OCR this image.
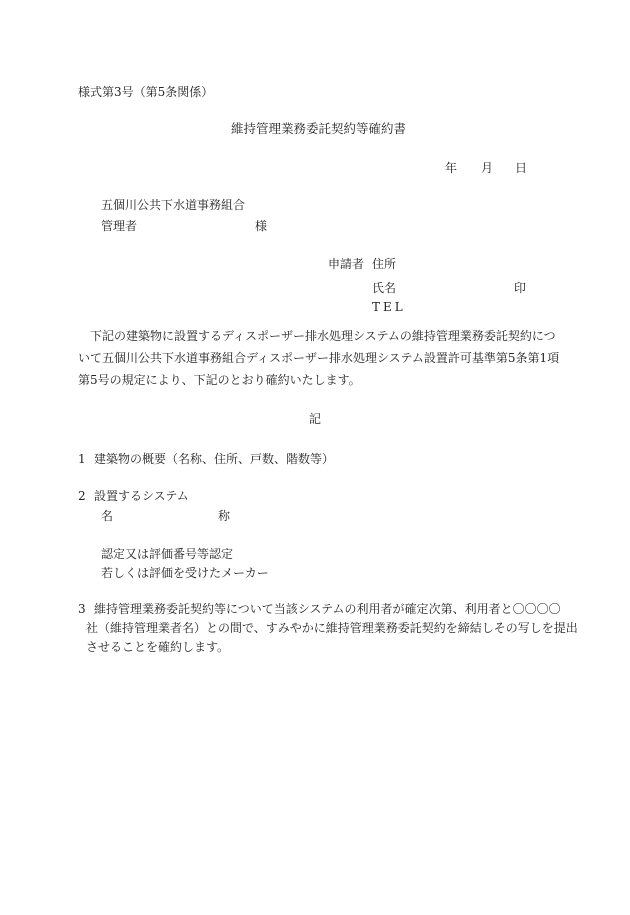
様式第3号（第5条関係）
維持管理業務委託契約等確約書
年 月 日
五個川公共下水道事務組合
管理者	様
申請者 住所
氏名	印
TEL
下記の建築物に設置するディスポーザー排水処理システムの維持管理業務委託契約につ
いて五個川公共下水道事務組合ディスポーザー排水処理システム設置許可基準第5条第1項
第5号の規定により、下記のとおり確約いたします。
記
1 建築物の概要（名称、住所、戸数、階数等）
2 設置するシステム
名	称
認定又は評価番号等認定
若しくは評価を受けたメーカー
3 維持管理業務委託契約等について当該システムの利用者が確定次第、利用者と〇〇〇〇
社（維持管理業者名）との間で、すみやかに維持管理業務委託契約を締結しその写しを提出
させることを確約します。
